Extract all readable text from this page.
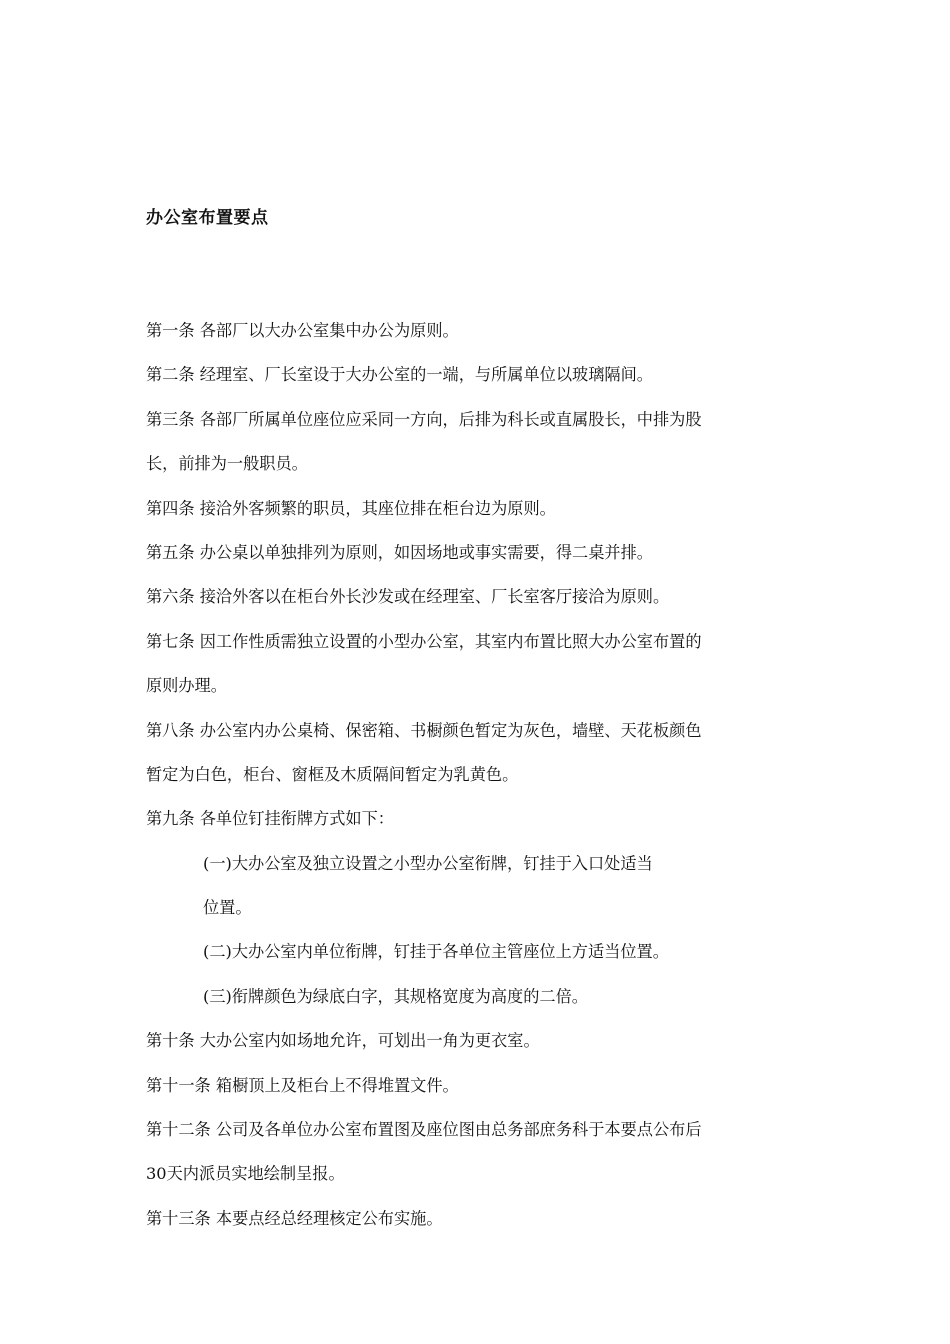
办公室布置要点
第一条 各部厂以大办公室集中办公为原则。
第二条 经理室、厂长室设于大办公室的一端，与所属单位以玻璃隔间。
第三条 各部厂所属单位座位应采同一方向，后排为科长或直属股长，中排为股
长，前排为一般职员。
第四条 接洽外客频繁的职员，其座位排在柜台边为原则。
第五条 办公桌以单独排列为原则，如因场地或事实需要，得二桌并排。
第六条 接洽外客以在柜台外长沙发或在经理室、厂长室客厅接洽为原则。
第七条 因工作性质需独立设置的小型办公室，其室内布置比照大办公室布置的
原则办理。
第八条 办公室内办公桌椅、保密箱、书橱颜色暂定为灰色，墙壁、天花板颜色
暂定为白色，柜台、窗框及木质隔间暂定为乳黄色。
第九条 各单位钉挂衔牌方式如下：
(一)大办公室及独立设置之小型办公室衔牌，钉挂于入口处适当
位置。
(二)大办公室内单位衔牌，钉挂于各单位主管座位上方适当位置。
(三)衔牌颜色为绿底白字，其规格宽度为高度的二倍。
第十条 大办公室内如场地允许，可划出一角为更衣室。
第十一条 箱橱顶上及柜台上不得堆置文件。
第十二条 公司及各单位办公室布置图及座位图由总务部庶务科于本要点公布后
30天内派员实地绘制呈报。
第十三条 本要点经总经理核定公布实施。
